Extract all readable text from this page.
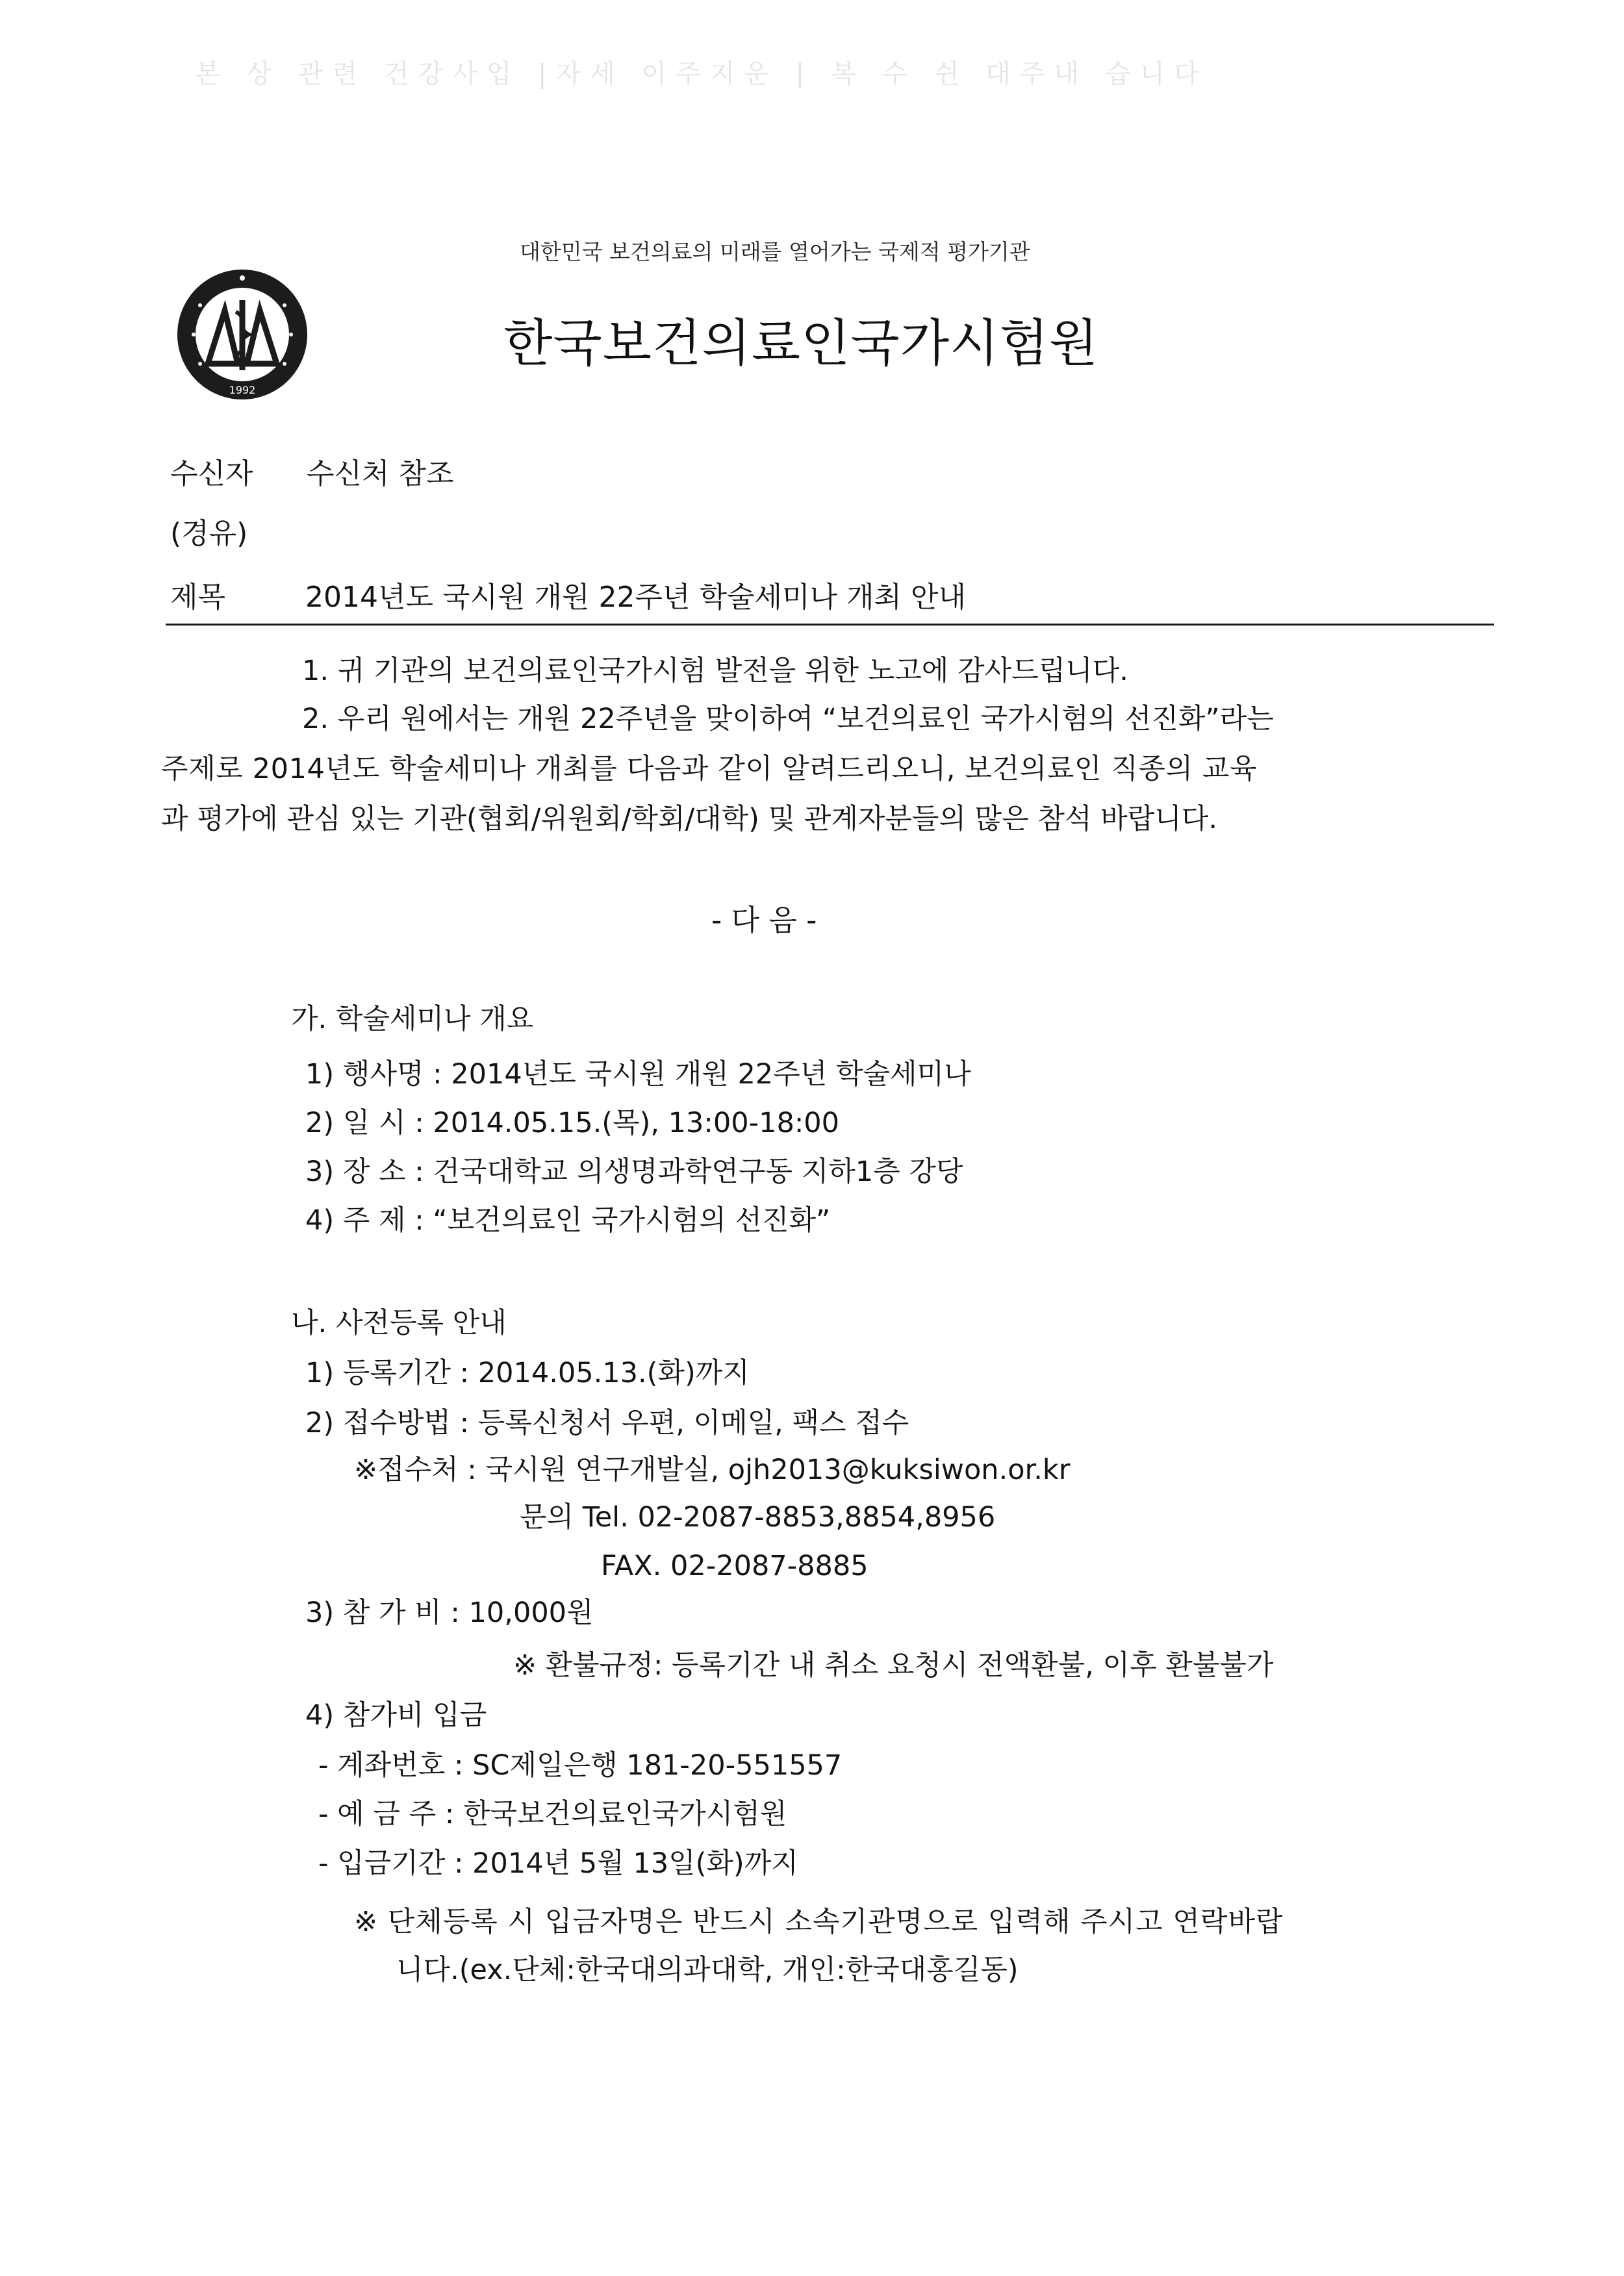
본 상 관련 건강사업 |자세 이주지운 | 복 수 쉰 대주내 습니다
1992
대한민국 보건의료의 미래를 열어가는 국제적 평가기관
한국보건의료인국가시험원
수신자 수신처 참조
(경유)
제목	2014년도 국시원 개원 22주년 학술세미나 개최 안내
1. 귀 기관의 보건의료인국가시험 발전을 위한 노고에 감사드립니다.
2. 우리 원에서는 개원 22주년을 맞이하여 “보건의료인 국가시험의 선진화”라는
주제로 2014년도 학술세미나 개최를 다음과 같이 알려드리오니, 보건의료인 직종의 교육
과 평가에 관심 있는 기관(협회/위원회/학회/대학) 및 관계자분들의 많은 참석 바랍니다.
- 다 음 -
가. 학술세미나 개요
1) 행사명 : 2014년도 국시원 개원 22주년 학술세미나
2) 일 시 : 2014.05.15.(목), 13:00-18:00
3) 장 소 : 건국대학교 의생명과학연구동 지하1층 강당
4) 주 제 : “보건의료인 국가시험의 선진화”
나. 사전등록 안내
1) 등록기간 : 2014.05.13.(화)까지
2) 접수방법 : 등록신청서 우편, 이메일, 팩스 접수
※접수처 : 국시원 연구개발실, ojh2013@kuksiwon.or.kr
문의 Tel. 02-2087-8853,8854,8956
FAX. 02-2087-8885
3) 참 가 비 : 10,000원
※ 환불규정: 등록기간 내 취소 요청시 전액환불, 이후 환불불가
4) 참가비 입금
- 계좌번호 : SC제일은행 181-20-551557
- 예 금 주 : 한국보건의료인국가시험원
- 입금기간 : 2014년 5월 13일(화)까지
※ 단체등록 시 입금자명은 반드시 소속기관명으로 입력해 주시고 연락바랍
니다.(ex.단체:한국대의과대학, 개인:한국대홍길동)
